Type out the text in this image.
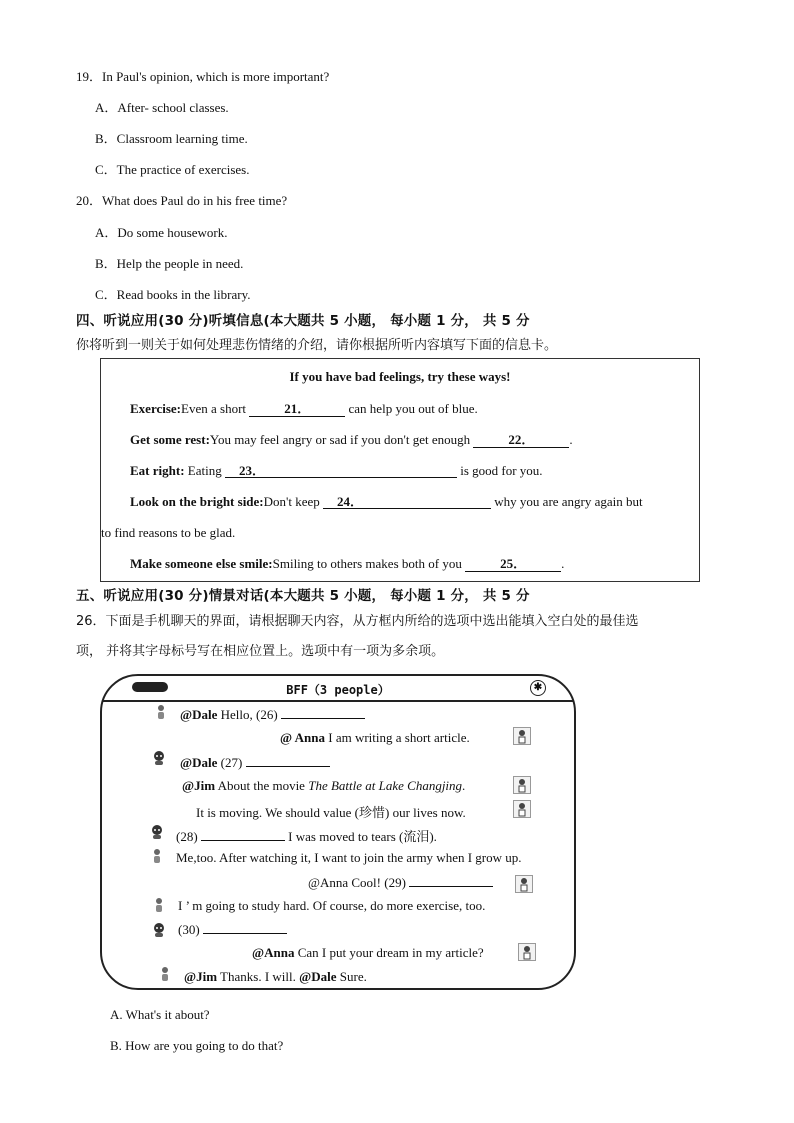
19．In Paul's opinion, which is more important?
A．After- school classes.
B．Classroom learning time.
C．The practice of exercises.
20．What does Paul do in his free time?
A．Do some housework.
B．Help the people in need.
C．Read books in the library.
四、听说应用(30 分)听填信息(本大题共 5 小题， 每小题 1 分， 共 5 分
你将听到一则关于如何处理悲伤情绪的介绍，请你根据所听内容填写下面的信息卡。
If you have bad feelings, try these ways!
Exercise:Even a short	21．	can help you out of blue.
Get some rest:You may feel angry or sad if you don't get enough	22．	.
Eat right: Eating 23．	is good for you.
Look on the bright side:Don't keep 24．	why you are angry again but
to find reasons to be glad.
Make someone else smile:Smiling to others makes both of you	25．	.
五、听说应用(30 分)情景对话(本大题共 5 小题， 每小题 1 分， 共 5 分
26．下面是手机聊天的界面，请根据聊天内容，从方框内所给的选项中选出能填入空白处的最佳选
项， 并将其字母标号写在相应位置上。选项中有一项为多余项。
BFF（3 people）	✱
@Dale Hello, (26)
@ Anna I am writing a short article.
@Dale (27)
@Jim About the movie The Battle at Lake Changjing.
It is moving. We should value (珍惜) our lives now.
(28)	I was moved to tears (流泪).
Me,too. After watching it, I want to join the army when I grow up.
@Anna Cool! (29)
I ’ m going to study hard. Of course, do more exercise, too.
(30)
@Anna Can I put your dream in my article?
@Jim Thanks. I will. @Dale Sure.
A. What's it about?
B. How are you going to do that?
